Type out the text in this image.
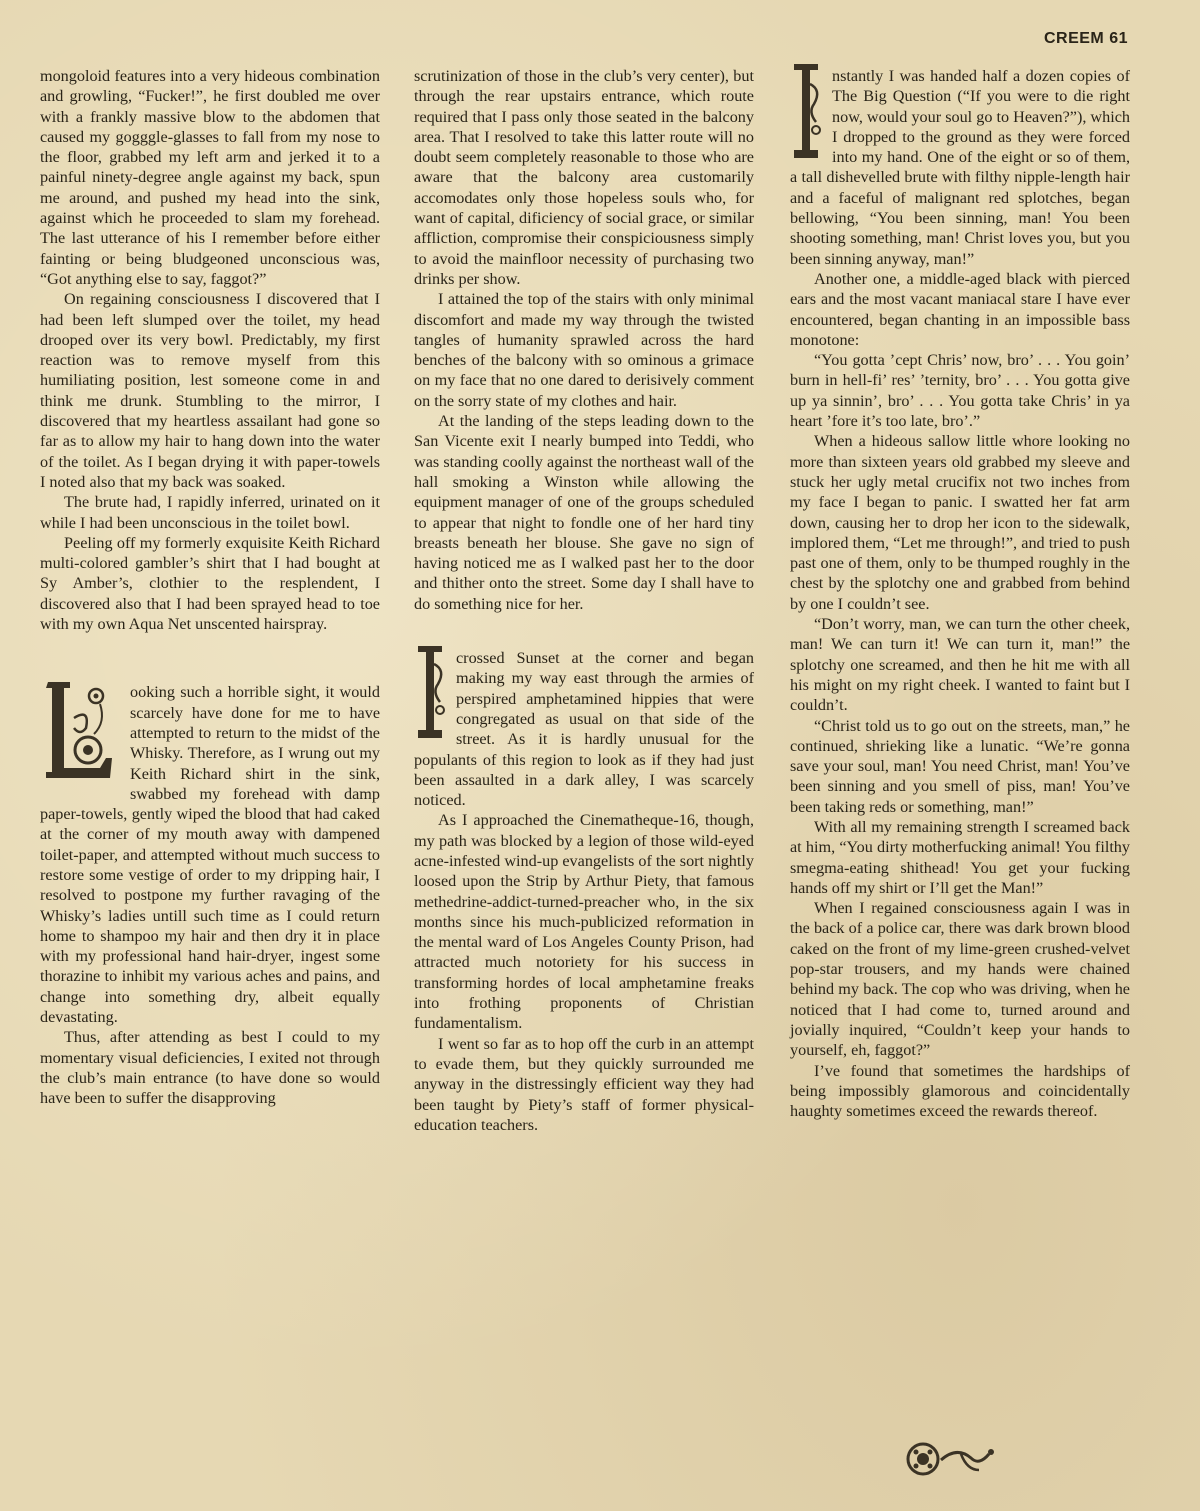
CREEM 61

mongoloid features into a very hideous combination and growling, “Fucker!”, he first doubled me over with a frankly massive blow to the abdomen that caused my gogggle-glasses to fall from my nose to the floor, grabbed my left arm and jerked it to a painful ninety-degree angle against my back, spun me around, and pushed my head into the sink, against which he proceeded to slam my forehead. The last utterance of his I remember before either fainting or being bludgeoned unconscious was, “Got anything else to say, faggot?”

On regaining consciousness I discovered that I had been left slumped over the toilet, my head drooped over its very bowl. Predictably, my first reaction was to remove myself from this humiliating position, lest someone come in and think me drunk. Stumbling to the mirror, I discovered that my heartless assailant had gone so far as to allow my hair to hang down into the water of the toilet. As I began drying it with paper-towels I noted also that my back was soaked.

The brute had, I rapidly inferred, urinated on it while I had been unconscious in the toilet bowl.

Peeling off my formerly exquisite Keith Richard multi-colored gambler’s shirt that I had bought at Sy Amber’s, clothier to the resplendent, I discovered also that I had been sprayed head to toe with my own Aqua Net unscented hairspray.

ooking such a horrible sight, it would scarcely have done for me to have attempted to return to the midst of the Whisky. Therefore, as I wrung out my Keith Richard shirt in the sink, swabbed my forehead with damp paper-towels, gently wiped the blood that had caked at the corner of my mouth away with dampened toilet-paper, and attempted without much success to restore some vestige of order to my dripping hair, I resolved to postpone my further ravaging of the Whisky’s ladies untill such time as I could return home to shampoo my hair and then dry it in place with my professional hand hair-dryer, ingest some thorazine to inhibit my various aches and pains, and change into something dry, albeit equally devastating.

Thus, after attending as best I could to my momentary visual deficiencies, I exited not through the club’s main entrance (to have done so would have been to suffer the disapproving

scrutinization of those in the club’s very center), but through the rear upstairs entrance, which route required that I pass only those seated in the balcony area. That I resolved to take this latter route will no doubt seem completely reasonable to those who are aware that the balcony area customarily accomodates only those hopeless souls who, for want of capital, dificiency of social grace, or similar affliction, compromise their conspiciousness simply to avoid the mainfloor necessity of purchasing two drinks per show.

I attained the top of the stairs with only minimal discomfort and made my way through the twisted tangles of humanity sprawled across the hard benches of the balcony with so ominous a grimace on my face that no one dared to derisively comment on the sorry state of my clothes and hair.

At the landing of the steps leading down to the San Vicente exit I nearly bumped into Teddi, who was standing coolly against the northeast wall of the hall smoking a Winston while allowing the equipment manager of one of the groups scheduled to appear that night to fondle one of her hard tiny breasts beneath her blouse. She gave no sign of having noticed me as I walked past her to the door and thither onto the street. Some day I shall have to do something nice for her.

crossed Sunset at the corner and began making my way east through the armies of perspired amphetamined hippies that were congregated as usual on that side of the street. As it is hardly unusual for the populants of this region to look as if they had just been assaulted in a dark alley, I was scarcely noticed.

As I approached the Cinematheque-16, though, my path was blocked by a legion of those wild-eyed acne-infested wind-up evangelists of the sort nightly loosed upon the Strip by Arthur Piety, that famous methedrine-addict-turned-preacher who, in the six months since his much-publicized reformation in the mental ward of Los Angeles County Prison, had attracted much notoriety for his success in transforming hordes of local amphetamine freaks into frothing proponents of Christian fundamentalism.

I went so far as to hop off the curb in an attempt to evade them, but they quickly surrounded me anyway in the distressingly efficient way they had been taught by Piety’s staff of former physical-education teachers.

nstantly I was handed half a dozen copies of The Big Question (“If you were to die right now, would your soul go to Heaven?”), which I dropped to the ground as they were forced into my hand. One of the eight or so of them, a tall dishevelled brute with filthy nipple-length hair and a faceful of malignant red splotches, began bellowing, “You been sinning, man! You been shooting something, man! Christ loves you, but you been sinning anyway, man!”

Another one, a middle-aged black with pierced ears and the most vacant maniacal stare I have ever encountered, began chanting in an impossible bass monotone:

“You gotta ’cept Chris’ now, bro’ . . . You goin’ burn in hell-fi’ res’ ’ternity, bro’ . . . You gotta give up ya sinnin’, bro’ . . . You gotta take Chris’ in ya heart ’fore it’s too late, bro’.”

When a hideous sallow little whore looking no more than sixteen years old grabbed my sleeve and stuck her ugly metal crucifix not two inches from my face I began to panic. I swatted her fat arm down, causing her to drop her icon to the sidewalk, implored them, “Let me through!”, and tried to push past one of them, only to be thumped roughly in the chest by the splotchy one and grabbed from behind by one I couldn’t see.

“Don’t worry, man, we can turn the other cheek, man! We can turn it! We can turn it, man!” the splotchy one screamed, and then he hit me with all his might on my right cheek. I wanted to faint but I couldn’t.

“Christ told us to go out on the streets, man,” he continued, shrieking like a lunatic. “We’re gonna save your soul, man! You need Christ, man! You’ve been sinning and you smell of piss, man! You’ve been taking reds or something, man!”

With all my remaining strength I screamed back at him, “You dirty motherfucking animal! You filthy smegma-eating shithead! You get your fucking hands off my shirt or I’ll get the Man!”

When I regained consciousness again I was in the back of a police car, there was dark brown blood caked on the front of my lime-green crushed-velvet pop-star trousers, and my hands were chained behind my back. The cop who was driving, when he noticed that I had come to, turned around and jovially inquired, “Couldn’t keep your hands to yourself, eh, faggot?”

I’ve found that sometimes the hardships of being impossibly glamorous and coincidentally haughty sometimes exceed the rewards thereof.
